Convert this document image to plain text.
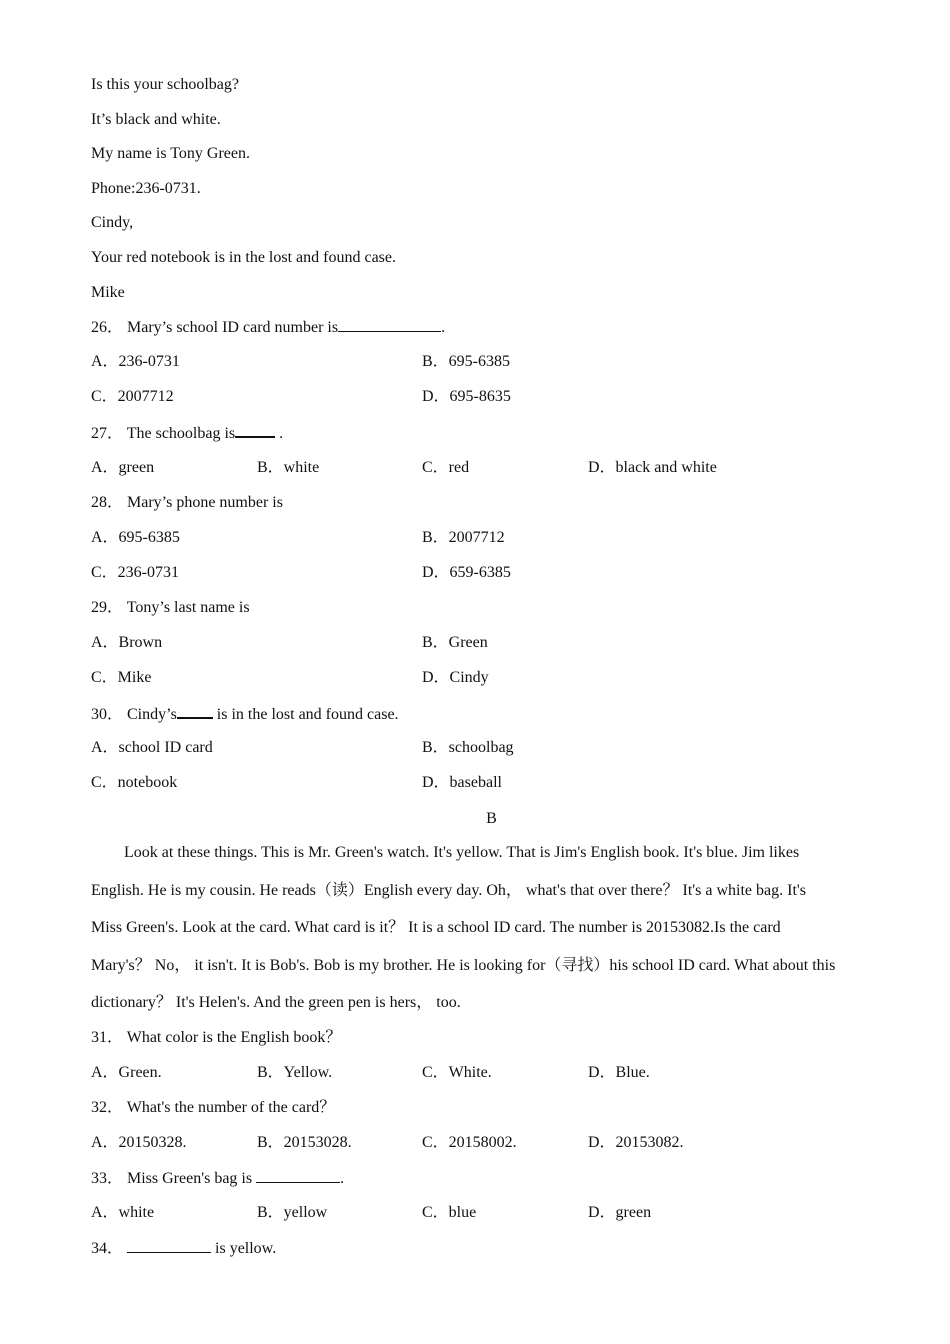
Is this your schoolbag?
It’s black and white.
My name is Tony Green.
Phone:236-0731.
Cindy,
Your red notebook is in the lost and found case.
Mike
26． Mary’s school ID card number is	.
A．236-0731	B．695-6385
C．2007712	D．695-8635
27． The schoolbag is	.
A．green	B．white	C．red	D．black and white
28． Mary’s phone number is
A．695-6385	B．2007712
C．236-0731	D．659-6385
29． Tony’s last name is
A．Brown	B．Green
C．Mike	D．Cindy
30． Cindy’s is in the lost and found case.
A．school ID card	B．schoolbag
C．notebook	D．baseball
B
Look at these things. This is Mr. Green's watch. It's yellow. That is Jim's English book. It's blue. Jim likes English. He is my cousin. He reads（读）English every day. Oh， what's that over there？ It's a white bag. It's Miss Green's. Look at the card. What card is it？ It is a school ID card. The number is 20153082.Is the card Mary's？ No， it isn't. It is Bob's. Bob is my brother. He is looking for（寻找）his school ID card. What about this dictionary？ It's Helen's. And the green pen is hers， too.
31． What color is the English book？
A．Green.	B．Yellow.	C．White.	D．Blue.
32． What's the number of the card？
A．20150328.	B．20153028.	C．20158002.	D．20153082.
33． Miss Green's bag is	.
A．white	B．yellow	C．blue	D．green
34．	is yellow.
